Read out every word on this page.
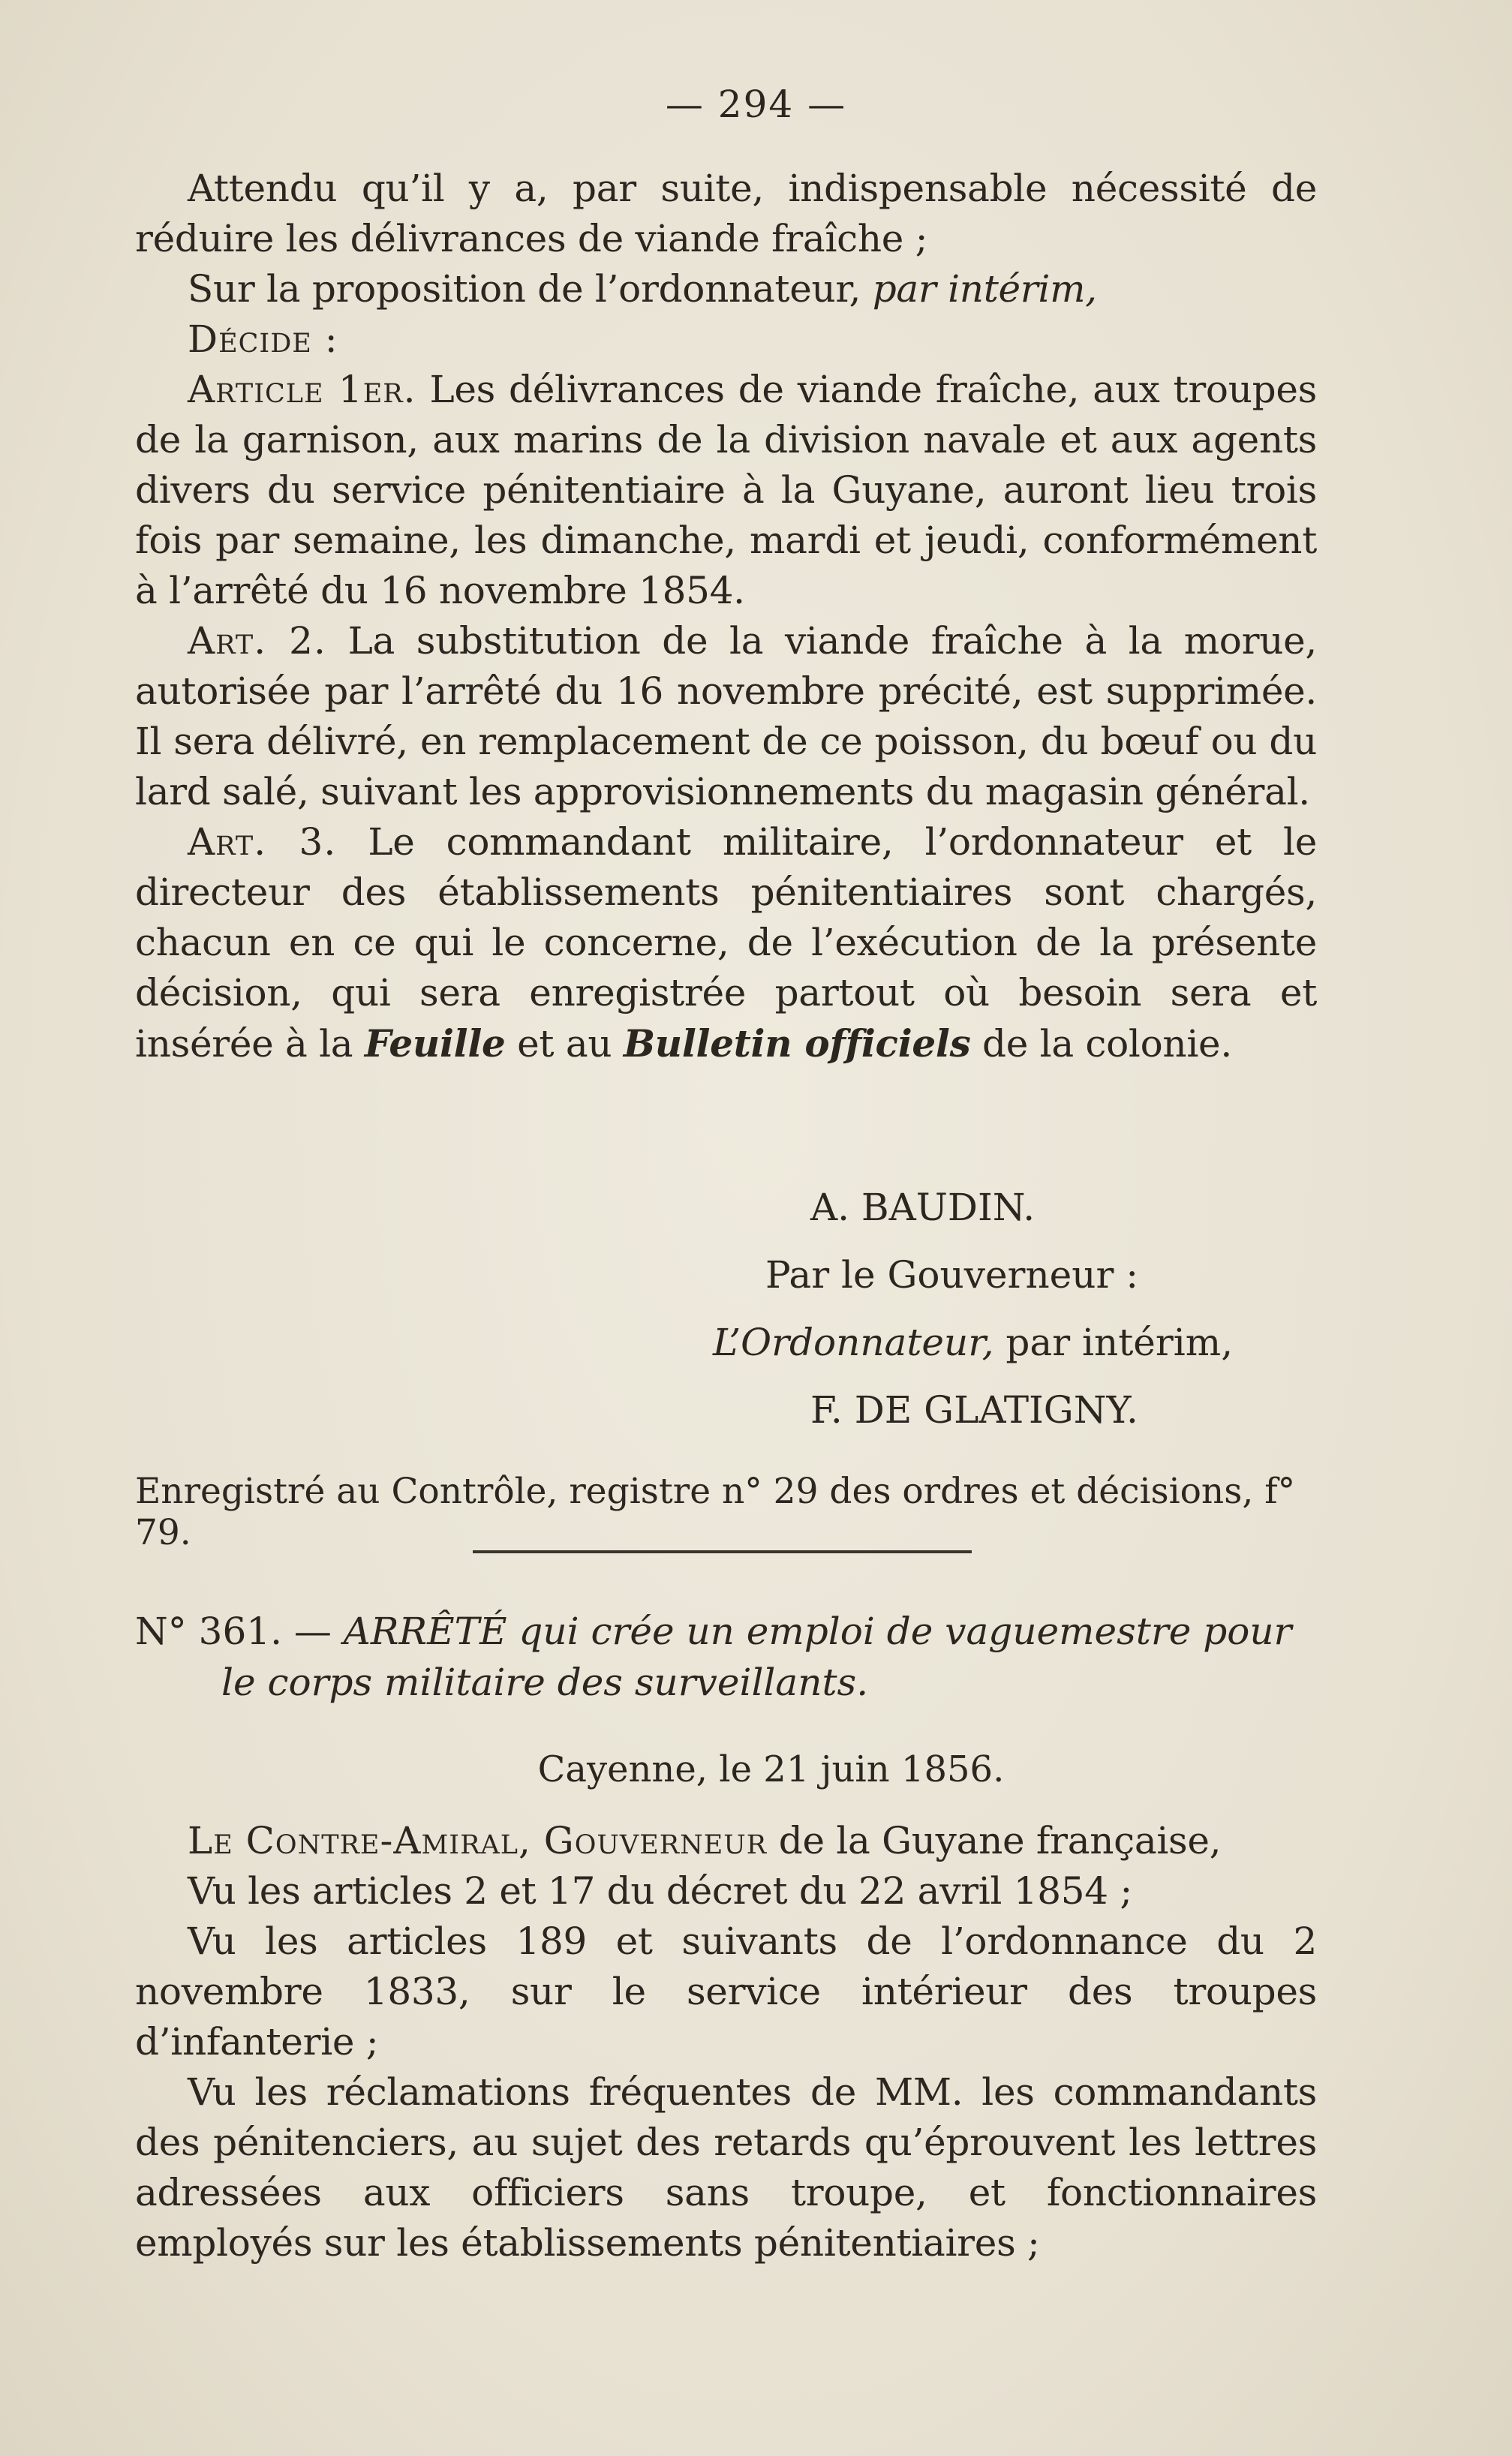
— 294 —

Attendu qu’il y a, par suite, indispensable nécessité de réduire les délivrances de viande fraîche ;

Sur la proposition de l’ordonnateur, par intérim,

Décide :

Article 1er. Les délivrances de viande fraîche, aux troupes de la garnison, aux marins de la division navale et aux agents divers du service pénitentiaire à la Guyane, auront lieu trois fois par semaine, les dimanche, mardi et jeudi, conformément à l’arrêté du 16 novembre 1854.

Art. 2. La substitution de la viande fraîche à la morue, autorisée par l’arrêté du 16 novembre précité, est supprimée. Il sera délivré, en remplacement de ce poisson, du bœuf ou du lard salé, suivant les approvisionnements du magasin général.

Art. 3. Le commandant militaire, l’ordonnateur et le directeur des établissements pénitentiaires sont chargés, chacun en ce qui le concerne, de l’exécution de la présente décision, qui sera enregistrée partout où besoin sera et insérée à la Feuille et au Bulletin officiels de la colonie.

A. BAUDIN.
Par le Gouverneur :
L’Ordonnateur, par intérim,
F. DE GLATIGNY.
Enregistré au Contrôle, registre n° 29 des ordres et décisions, f° 79.
N° 361. — ARRÊTÉ qui crée un emploi de vaguemestre pour le corps militaire des surveillants.
Cayenne, le 21 juin 1856.

Le Contre-Amiral, Gouverneur de la Guyane française,

Vu les articles 2 et 17 du décret du 22 avril 1854 ;

Vu les articles 189 et suivants de l’ordonnance du 2 novembre 1833, sur le service intérieur des troupes d’infanterie ;

Vu les réclamations fréquentes de MM. les commandants des pénitenciers, au sujet des retards qu’éprouvent les lettres adressées aux officiers sans troupe, et fonctionnaires employés sur les établissements pénitentiaires ;
